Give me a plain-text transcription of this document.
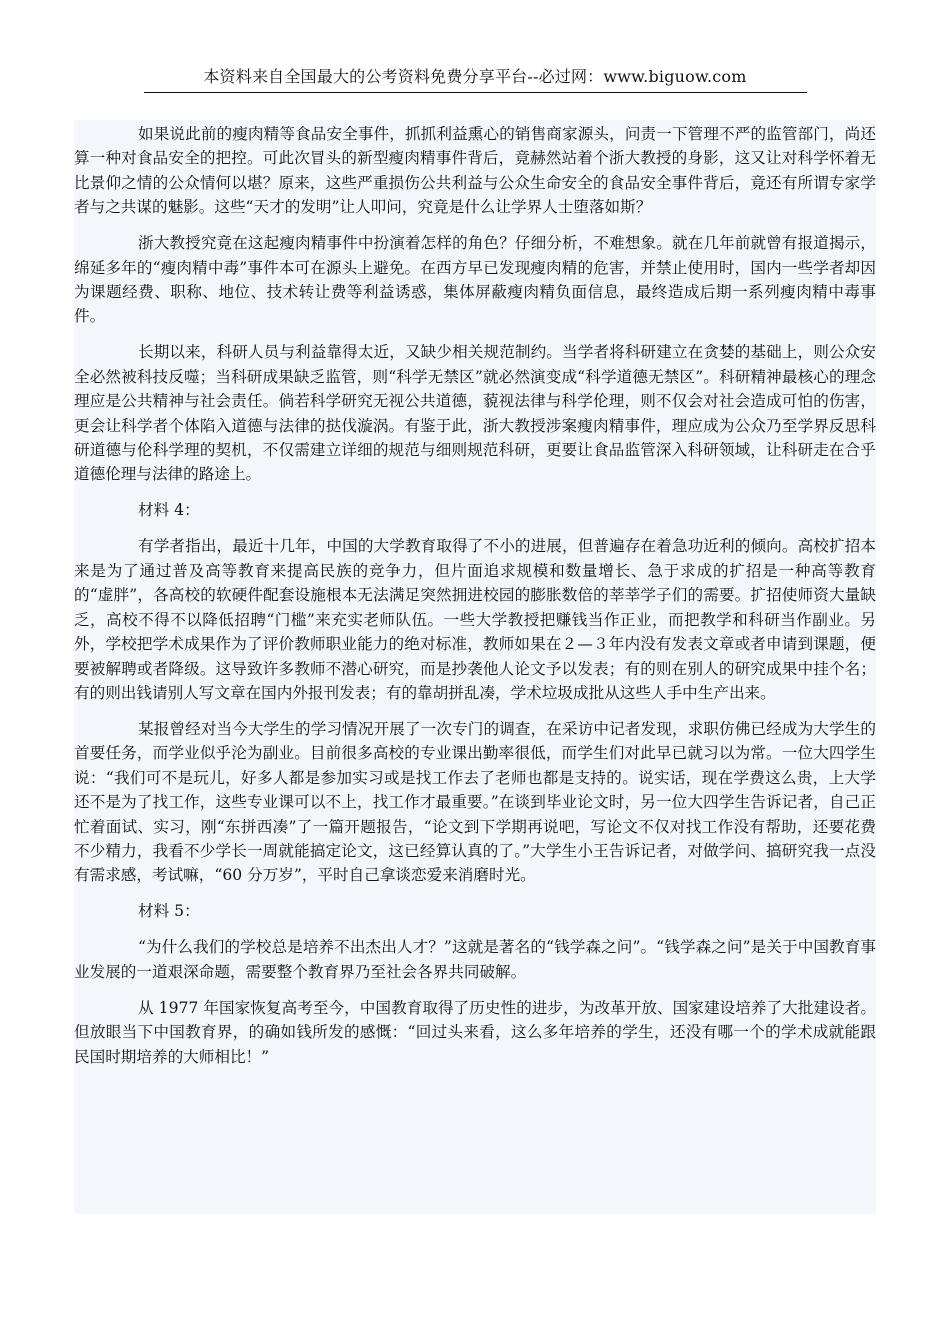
本资料来自全国最大的公考资料免费分享平台--必过网：www.biguow.com

如果说此前的瘦肉精等食品安全事件，抓抓利益熏心的销售商家源头，问责一下管理不严的监管部门，尚还算一种对食品安全的把控。可此次冒头的新型瘦肉精事件背后，竟赫然站着个浙大教授的身影，这又让对科学怀着无比景仰之情的公众情何以堪？原来，这些严重损伤公共利益与公众生命安全的食品安全事件背后，竟还有所谓专家学者与之共谋的魅影。这些“天才的发明”让人叩问，究竟是什么让学界人士堕落如斯？

浙大教授究竟在这起瘦肉精事件中扮演着怎样的角色？仔细分析，不难想象。就在几年前就曾有报道揭示，绵延多年的“瘦肉精中毒”事件本可在源头上避免。在西方早已发现瘦肉精的危害，并禁止使用时，国内一些学者却因为课题经费、职称、地位、技术转让费等利益诱惑，集体屏蔽瘦肉精负面信息，最终造成后期一系列瘦肉精中毒事件。

长期以来，科研人员与利益靠得太近，又缺少相关规范制约。当学者将科研建立在贪婪的基础上，则公众安全必然被科技反噬；当科研成果缺乏监管，则“科学无禁区”就必然演变成“科学道德无禁区”。科研精神最核心的理念理应是公共精神与社会责任。倘若科学研究无视公共道德，藐视法律与科学伦理，则不仅会对社会造成可怕的伤害，更会让科学者个体陷入道德与法律的挞伐漩涡。有鉴于此，浙大教授涉案瘦肉精事件，理应成为公众乃至学界反思科研道德与伦科学理的契机，不仅需建立详细的规范与细则规范科研，更要让食品监管深入科研领域，让科研走在合乎道德伦理与法律的路途上。

材料 4：

有学者指出，最近十几年，中国的大学教育取得了不小的进展，但普遍存在着急功近利的倾向。高校扩招本来是为了通过普及高等教育来提高民族的竞争力，但片面追求规模和数量增长、急于求成的扩招是一种高等教育的“虚胖”，各高校的软硬件配套设施根本无法满足突然拥进校园的膨胀数倍的莘莘学子们的需要。扩招使师资大量缺乏，高校不得不以降低招聘“门槛”来充实老师队伍。一些大学教授把赚钱当作正业，而把教学和科研当作副业。另外，学校把学术成果作为了评价教师职业能力的绝对标准，教师如果在２—３年内没有发表文章或者申请到课题，便要被解聘或者降级。这导致许多教师不潜心研究，而是抄袭他人论文予以发表；有的则在别人的研究成果中挂个名；有的则出钱请别人写文章在国内外报刊发表；有的靠胡拼乱凑，学术垃圾成批从这些人手中生产出来。

某报曾经对当今大学生的学习情况开展了一次专门的调查，在采访中记者发现，求职仿佛已经成为大学生的首要任务，而学业似乎沦为副业。目前很多高校的专业课出勤率很低，而学生们对此早已就习以为常。一位大四学生说：“我们可不是玩儿，好多人都是参加实习或是找工作去了老师也都是支持的。说实话，现在学费这么贵，上大学还不是为了找工作，这些专业课可以不上，找工作才最重要。”在谈到毕业论文时，另一位大四学生告诉记者，自己正忙着面试、实习，刚“东拼西凑”了一篇开题报告，“论文到下学期再说吧，写论文不仅对找工作没有帮助，还要花费不少精力，我看不少学长一周就能搞定论文，这已经算认真的了。”大学生小王告诉记者，对做学问、搞研究我一点没有需求感，考试嘛，“60 分万岁”，平时自己拿谈恋爱来消磨时光。

材料 5：

“为什么我们的学校总是培养不出杰出人才？”这就是著名的“钱学森之问”。“钱学森之问”是关于中国教育事业发展的一道艰深命题，需要整个教育界乃至社会各界共同破解。

从 1977 年国家恢复高考至今，中国教育取得了历史性的进步，为改革开放、国家建设培养了大批建设者。但放眼当下中国教育界，的确如钱所发的感慨：“回过头来看，这么多年培养的学生，还没有哪一个的学术成就能跟民国时期培养的大师相比！”
